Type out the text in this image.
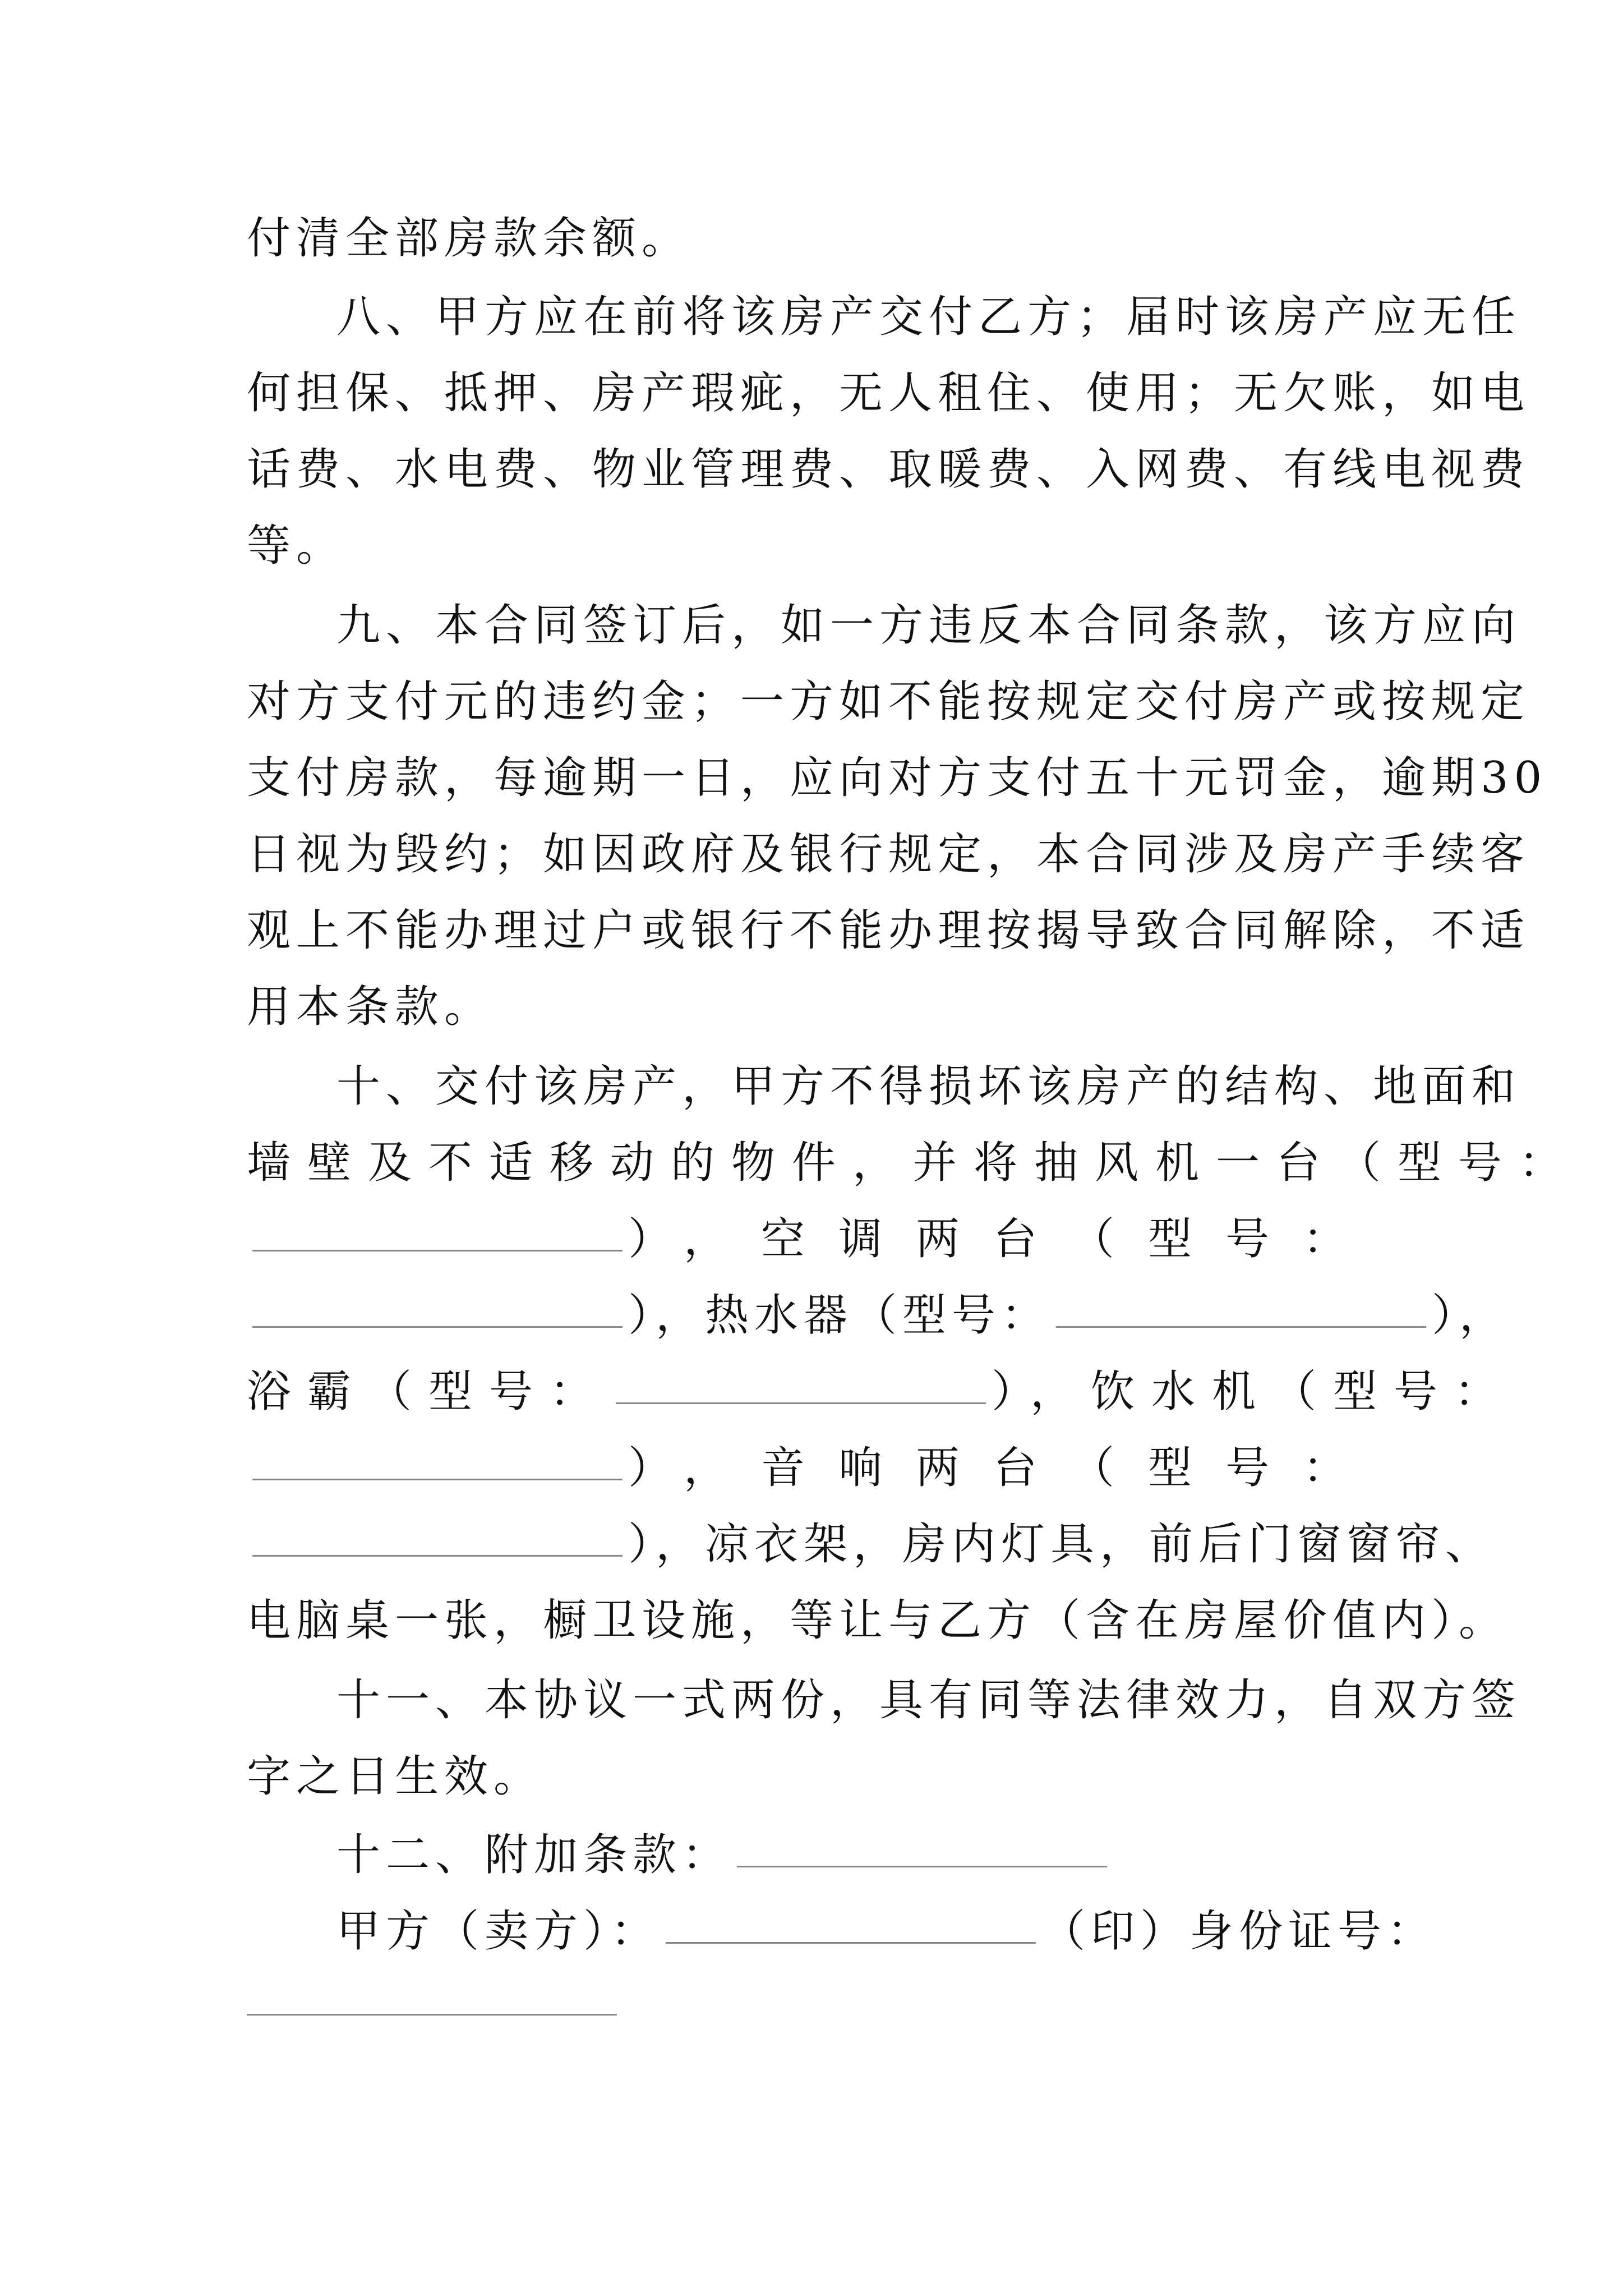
付清全部房款余额。
八、甲方应在前将该房产交付乙方；届时该房产应无任
何担保、抵押、房产瑕疵，无人租住、使用；无欠账，如电
话费、水电费、物业管理费、取暖费、入网费、有线电视费
等。
九、本合同签订后，如一方违反本合同条款，该方应向
对方支付元的违约金；一方如不能按规定交付房产或按规定
支付房款，每逾期一日，应向对方支付五十元罚金，逾期30
日视为毁约；如因政府及银行规定，本合同涉及房产手续客
观上不能办理过户或银行不能办理按揭导致合同解除，不适
用本条款。
十、交付该房产，甲方不得损坏该房产的结构、地面和
墙壁及不适移动的物件，并将抽风机一台（型号：
），空调两台（型号：
），热水器（型号：	），
浴霸（型号：	），饮水机（型号：
），音响两台（型号：
），凉衣架，房内灯具，前后门窗窗帘、
电脑桌一张，橱卫设施，等让与乙方（含在房屋价值内）。
十一、本协议一式两份，具有同等法律效力，自双方签
字之日生效。
十二、附加条款：
甲方（卖方）：	（印）身份证号：
